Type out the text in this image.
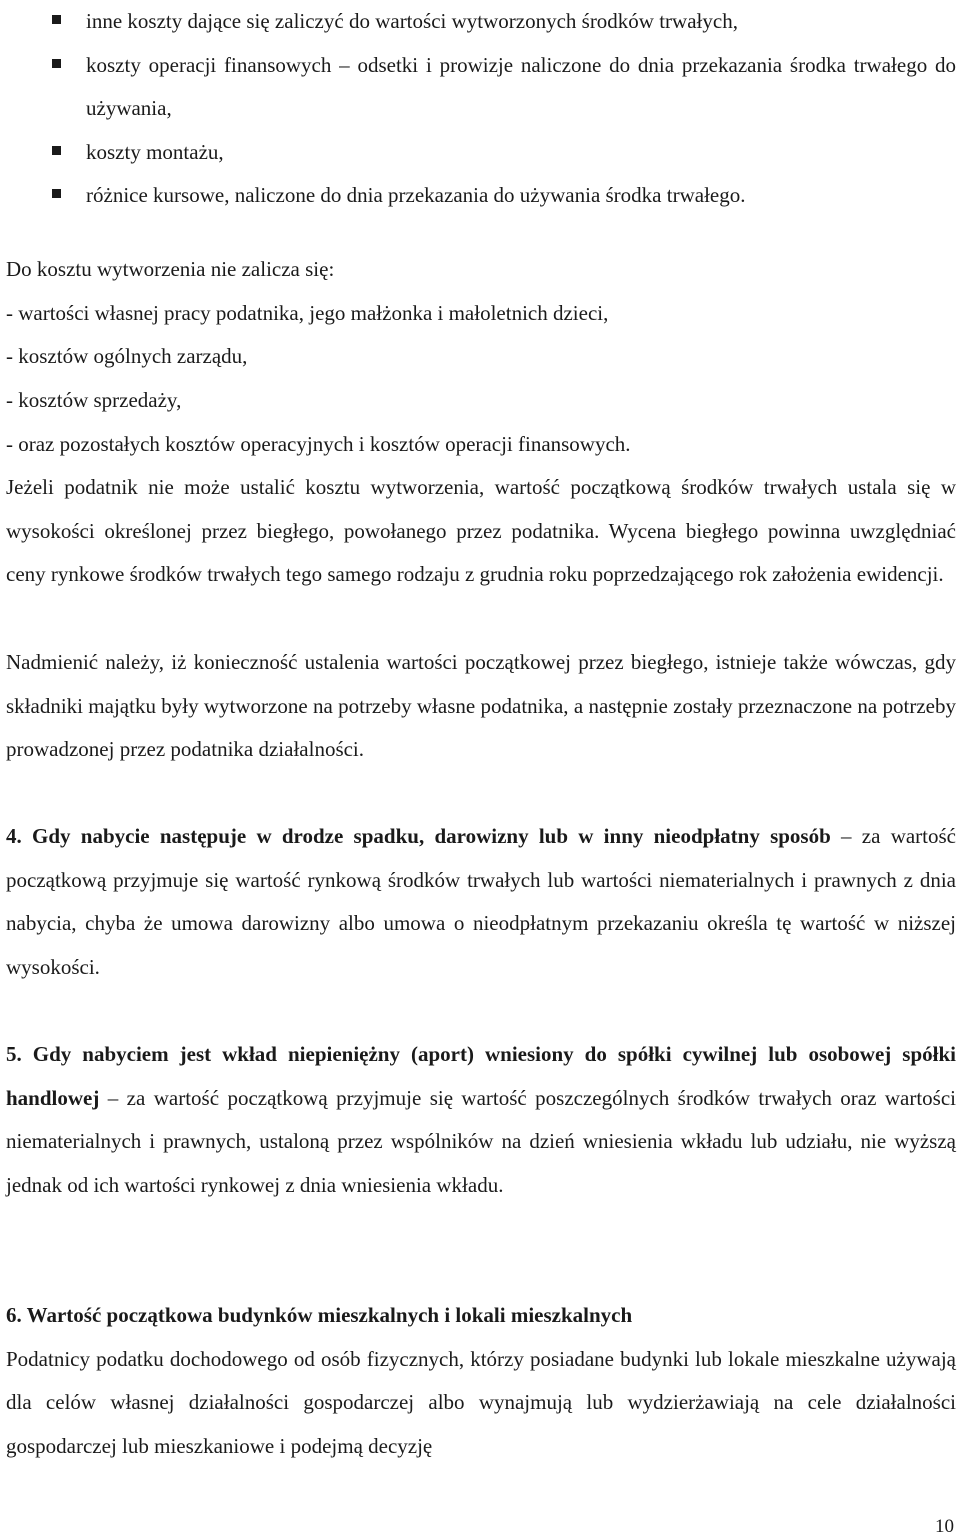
inne koszty dające się zaliczyć do wartości wytworzonych środków trwałych,
koszty operacji finansowych – odsetki i prowizje naliczone do dnia przekazania środka trwałego do używania,
koszty montażu,
różnice kursowe, naliczone do dnia przekazania do używania środka trwałego.

Do kosztu wytworzenia nie zalicza się:

- wartości własnej pracy podatnika, jego małżonka i małoletnich dzieci,

- kosztów ogólnych zarządu,

- kosztów sprzedaży,

- oraz pozostałych kosztów operacyjnych i kosztów operacji finansowych.

Jeżeli podatnik nie może ustalić kosztu wytworzenia, wartość początkową środków trwałych ustala się w wysokości określonej przez biegłego, powołanego przez podatnika. Wycena biegłego powinna uwzględniać ceny rynkowe środków trwałych tego samego rodzaju z grudnia roku poprzedzającego rok założenia ewidencji.

Nadmienić należy, iż konieczność ustalenia wartości początkowej przez biegłego, istnieje także wówczas, gdy składniki majątku były wytworzone na potrzeby własne podatnika, a następnie zostały przeznaczone na potrzeby prowadzonej przez podatnika działalności.

4. Gdy nabycie następuje w drodze spadku, darowizny lub w inny nieodpłatny sposób – za wartość początkową przyjmuje się wartość rynkową środków trwałych lub wartości niematerialnych i prawnych z dnia nabycia, chyba że umowa darowizny albo umowa o nieodpłatnym przekazaniu określa tę wartość w niższej wysokości.

5. Gdy nabyciem jest wkład niepieniężny (aport) wniesiony do spółki cywilnej lub osobowej spółki handlowej – za wartość początkową przyjmuje się wartość poszczególnych środków trwałych oraz wartości niematerialnych i prawnych, ustaloną przez wspólników na dzień wniesienia wkładu lub udziału, nie wyższą jednak od ich wartości rynkowej z dnia wniesienia wkładu.

6. Wartość początkowa budynków mieszkalnych i lokali mieszkalnych

Podatnicy podatku dochodowego od osób fizycznych, którzy posiadane budynki lub lokale mieszkalne używają dla celów własnej działalności gospodarczej albo wynajmują lub wydzierżawiają na cele działalności gospodarczej lub mieszkaniowe i podejmą decyzję

10
